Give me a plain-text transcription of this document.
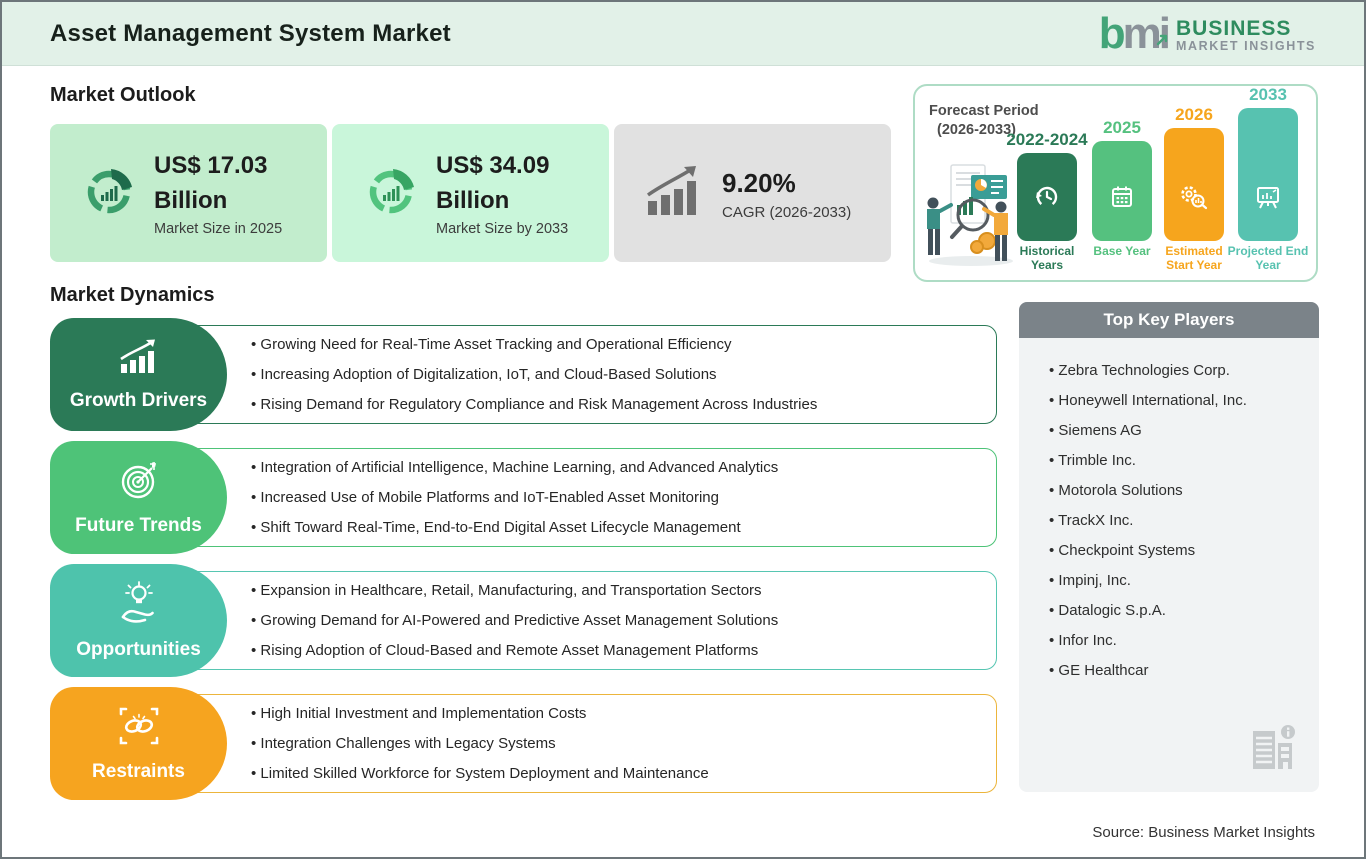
Asset Management System Market	bmi BUSINESS
MARKET INSIGHTS
Market Outlook
US$ 17.03
Billion
Market Size in 2025
US$ 34.09
Billion
Market Size by 2033
9.20%
CAGR (2026-2033)
Forecast Period
(2026-2033)
2022-2024
Historical Years
2025
Base Year
2026
Estimated Start Year
2033
Projected End Year
Market Dynamics
• Growing Need for Real-Time Asset Tracking and Operational Efficiency
• Increasing Adoption of Digitalization, IoT, and Cloud-Based Solutions
• Rising Demand for Regulatory Compliance and Risk Management Across Industries
Growth Drivers
• Integration of Artificial Intelligence, Machine Learning, and Advanced Analytics
• Increased Use of Mobile Platforms and IoT-Enabled Asset Monitoring
• Shift Toward Real-Time, End-to-End Digital Asset Lifecycle Management
Future Trends
• Expansion in Healthcare, Retail, Manufacturing, and Transportation Sectors
• Growing Demand for AI-Powered and Predictive Asset Management Solutions
• Rising Adoption of Cloud-Based and Remote Asset Management Platforms
Opportunities
• High Initial Investment and Implementation Costs
• Integration Challenges with Legacy Systems
• Limited Skilled Workforce for System Deployment and Maintenance
Restraints
Top Key Players
• Zebra Technologies Corp.
• Honeywell International, Inc.
• Siemens AG
• Trimble Inc.
• Motorola Solutions
• TrackX Inc.
• Checkpoint Systems
• Impinj, Inc.
• Datalogic S.p.A.
• Infor Inc.
• GE Healthcar
Source: Business Market Insights
